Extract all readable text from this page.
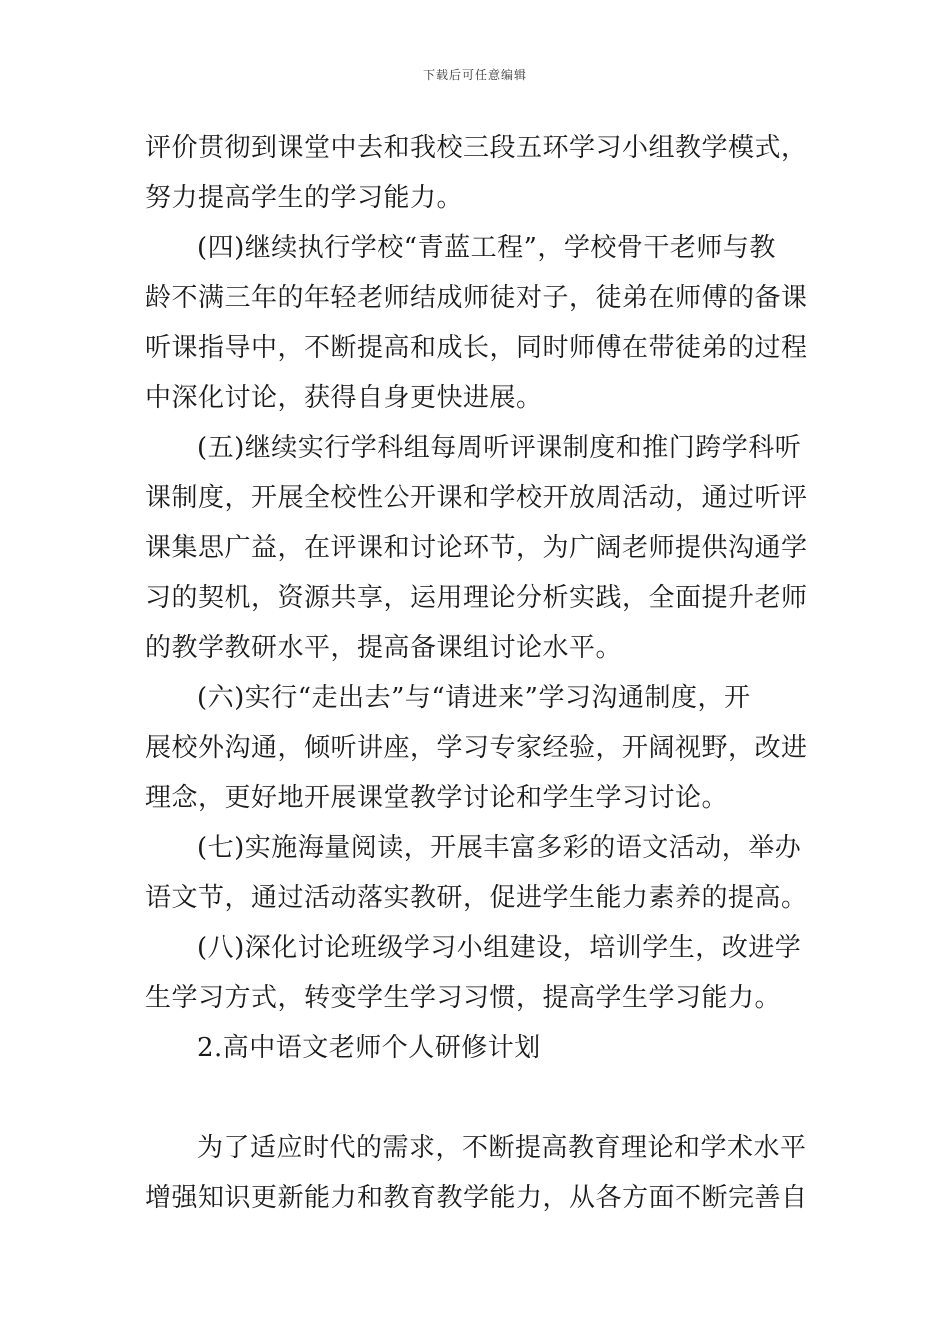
下载后可任意编辑
评价贯彻到课堂中去和我校三段五环学习小组教学模式，
努力提高学生的学习能力。
(四)继续执行学校“青蓝工程”，学校骨干老师与教
龄不满三年的年轻老师结成师徒对子，徒弟在师傅的备课
听课指导中，不断提高和成长，同时师傅在带徒弟的过程
中深化讨论，获得自身更快进展。
(五)继续实行学科组每周听评课制度和推门跨学科听
课制度，开展全校性公开课和学校开放周活动，通过听评
课集思广益，在评课和讨论环节，为广阔老师提供沟通学
习的契机，资源共享，运用理论分析实践，全面提升老师
的教学教研水平，提高备课组讨论水平。
(六)实行“走出去”与“请进来”学习沟通制度，开
展校外沟通，倾听讲座，学习专家经验，开阔视野，改进
理念，更好地开展课堂教学讨论和学生学习讨论。
(七)实施海量阅读，开展丰富多彩的语文活动，举办
语文节，通过活动落实教研，促进学生能力素养的提高。
(八)深化讨论班级学习小组建设，培训学生，改进学
生学习方式，转变学生学习习惯，提高学生学习能力。
2.高中语文老师个人研修计划
为了适应时代的需求，不断提高教育理论和学术水平
增强知识更新能力和教育教学能力，从各方面不断完善自
